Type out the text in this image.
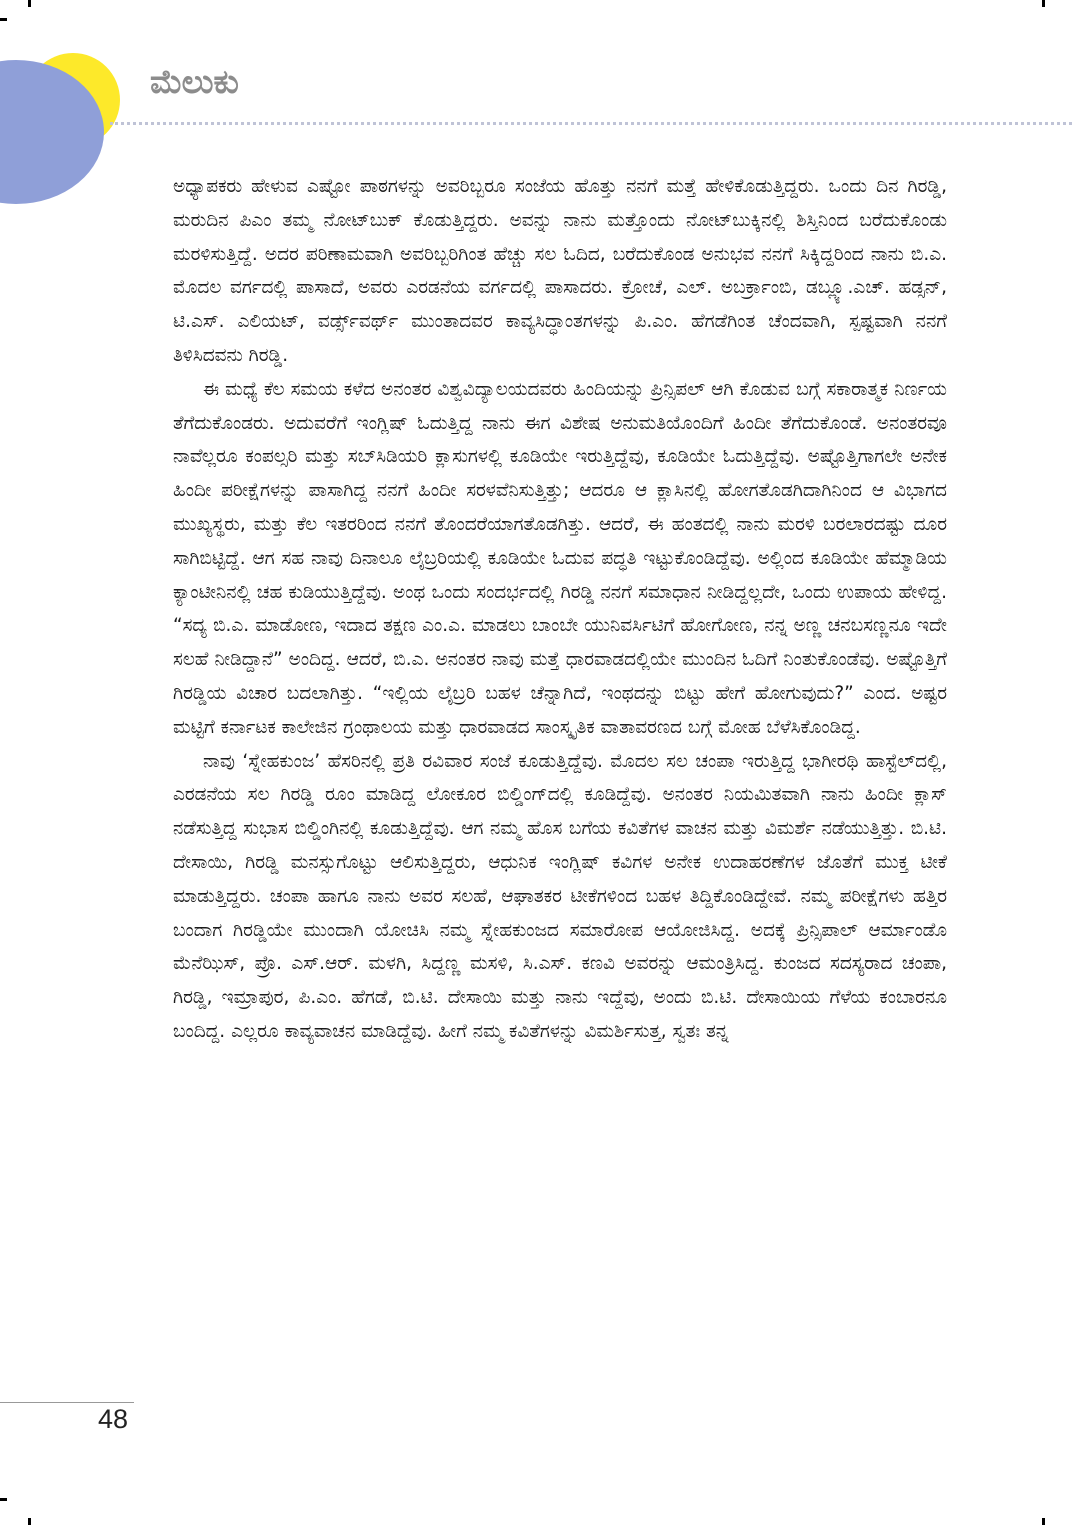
ಮೆಲುಕು

ಅಧ್ಯಾಪಕರು ಹೇಳುವ ಎಷ್ಟೋ ಪಾಠಗಳನ್ನು ಅವರಿಬ್ಬರೂ ಸಂಜೆಯ ಹೊತ್ತು ನನಗೆ ಮತ್ತೆ ಹೇಳಿಕೊಡುತ್ತಿದ್ದರು. ಒಂದು ದಿನ ಗಿರಡ್ಡಿ, ಮರುದಿನ ಪಿಎಂ ತಮ್ಮ ನೋಟ್‌ಬುಕ್ ಕೊಡುತ್ತಿದ್ದರು. ಅವನ್ನು ನಾನು ಮತ್ತೊಂದು ನೋಟ್‌ಬುಕ್ಕಿನಲ್ಲಿ ಶಿಸ್ತಿನಿಂದ ಬರೆದುಕೊಂಡು ಮರಳಿಸುತ್ತಿದ್ದೆ. ಅದರ ಪರಿಣಾಮವಾಗಿ ಅವರಿಬ್ಬರಿಗಿಂತ ಹೆಚ್ಚು ಸಲ ಓದಿದ, ಬರೆದುಕೊಂಡ ಅನುಭವ ನನಗೆ ಸಿಕ್ಕಿದ್ದರಿಂದ ನಾನು ಬಿ.ಎ. ಮೊದಲ ವರ್ಗದಲ್ಲಿ ಪಾಸಾದೆ, ಅವರು ಎರಡನೆಯ ವರ್ಗದಲ್ಲಿ ಪಾಸಾದರು. ಕ್ರೋಚೆ, ಎಲ್. ಅಬರ್ಕ್ರಾಂಬಿ, ಡಬ್ಲ್ಯೂ.ಎಚ್. ಹಡ್ಸನ್, ಟಿ.ಎಸ್. ಎಲಿಯಟ್, ವರ್ಡ್ಸ್‌ವರ್ಥ್ ಮುಂತಾದವರ ಕಾವ್ಯಸಿದ್ಧಾಂತಗಳನ್ನು ಪಿ.ಎಂ. ಹೆಗಡೆಗಿಂತ ಚೆಂದವಾಗಿ, ಸ್ಪಷ್ಟವಾಗಿ ನನಗೆ ತಿಳಿಸಿದವನು ಗಿರಡ್ಡಿ.

ಈ ಮಧ್ಯೆ ಕೆಲ ಸಮಯ ಕಳೆದ ಅನಂತರ ವಿಶ್ವವಿದ್ಯಾಲಯದವರು ಹಿಂದಿಯನ್ನು ಪ್ರಿನ್ಸಿಪಲ್ ಆಗಿ ಕೊಡುವ ಬಗ್ಗೆ ಸಕಾರಾತ್ಮಕ ನಿರ್ಣಯ ತೆಗೆದುಕೊಂಡರು. ಅದುವರೆಗೆ ಇಂಗ್ಲಿಷ್ ಓದುತ್ತಿದ್ದ ನಾನು ಈಗ ವಿಶೇಷ ಅನುಮತಿಯೊಂದಿಗೆ ಹಿಂದೀ ತೆಗೆದುಕೊಂಡೆ. ಅನಂತರವೂ ನಾವೆಲ್ಲರೂ ಕಂಪಲ್ಸರಿ ಮತ್ತು ಸಬ್‌ಸಿಡಿಯರಿ ಕ್ಲಾಸುಗಳಲ್ಲಿ ಕೂಡಿಯೇ ಇರುತ್ತಿದ್ದೆವು, ಕೂಡಿಯೇ ಓದುತ್ತಿದ್ದೆವು. ಅಷ್ಟೊತ್ತಿಗಾಗಲೇ ಅನೇಕ ಹಿಂದೀ ಪರೀಕ್ಷೆಗಳನ್ನು ಪಾಸಾಗಿದ್ದ ನನಗೆ ಹಿಂದೀ ಸರಳವೆನಿಸುತ್ತಿತ್ತು; ಆದರೂ ಆ ಕ್ಲಾಸಿನಲ್ಲಿ ಹೋಗತೊಡಗಿದಾಗಿನಿಂದ ಆ ವಿಭಾಗದ ಮುಖ್ಯಸ್ಥರು, ಮತ್ತು ಕೆಲ ಇತರರಿಂದ ನನಗೆ ತೊಂದರೆಯಾಗತೊಡಗಿತ್ತು. ಆದರೆ, ಈ ಹಂತದಲ್ಲಿ ನಾನು ಮರಳಿ ಬರಲಾರದಷ್ಟು ದೂರ ಸಾಗಿಬಿಟ್ಟಿದ್ದೆ. ಆಗ ಸಹ ನಾವು ದಿನಾಲೂ ಲೈಬ್ರರಿಯಲ್ಲಿ ಕೂಡಿಯೇ ಓದುವ ಪದ್ಧತಿ ಇಟ್ಟುಕೊಂಡಿದ್ದೆವು. ಅಲ್ಲಿಂದ ಕೂಡಿಯೇ ಹೆಮ್ಮಾಡಿಯ ಕ್ಯಾಂಟೀನಿನಲ್ಲಿ ಚಹ ಕುಡಿಯುತ್ತಿದ್ದೆವು. ಅಂಥ ಒಂದು ಸಂದರ್ಭದಲ್ಲಿ ಗಿರಡ್ಡಿ ನನಗೆ ಸಮಾಧಾನ ನೀಡಿದ್ದಲ್ಲದೇ, ಒಂದು ಉಪಾಯ ಹೇಳಿದ್ದ. “ಸದ್ಯ ಬಿ.ಎ. ಮಾಡೋಣ, ಇದಾದ ತಕ್ಷಣ ಎಂ.ಎ. ಮಾಡಲು ಬಾಂಬೇ ಯುನಿವರ್ಸಿಟಿಗೆ ಹೋಗೋಣ, ನನ್ನ ಅಣ್ಣ ಚನಬಸಣ್ಣನೂ ಇದೇ ಸಲಹೆ ನೀಡಿದ್ದಾನೆ” ಅಂದಿದ್ದ. ಆದರೆ, ಬಿ.ಎ. ಅನಂತರ ನಾವು ಮತ್ತೆ ಧಾರವಾಡದಲ್ಲಿಯೇ ಮುಂದಿನ ಓದಿಗೆ ನಿಂತುಕೊಂಡೆವು. ಅಷ್ಟೊತ್ತಿಗೆ ಗಿರಡ್ಡಿಯ ವಿಚಾರ ಬದಲಾಗಿತ್ತು. “ಇಲ್ಲಿಯ ಲೈಬ್ರರಿ ಬಹಳ ಚೆನ್ನಾಗಿದೆ, ಇಂಥದನ್ನು ಬಿಟ್ಟು ಹೇಗೆ ಹೋಗುವುದು?” ಎಂದ. ಅಷ್ಟರ ಮಟ್ಟಿಗೆ ಕರ್ನಾಟಕ ಕಾಲೇಜಿನ ಗ್ರಂಥಾಲಯ ಮತ್ತು ಧಾರವಾಡದ ಸಾಂಸ್ಕೃತಿಕ ವಾತಾವರಣದ ಬಗ್ಗೆ ಮೋಹ ಬೆಳೆಸಿಕೊಂಡಿದ್ದ.

ನಾವು ‘ಸ್ನೇಹಕುಂಜ’ ಹೆಸರಿನಲ್ಲಿ ಪ್ರತಿ ರವಿವಾರ ಸಂಜೆ ಕೂಡುತ್ತಿದ್ದೆವು. ಮೊದಲ ಸಲ ಚಂಪಾ ಇರುತ್ತಿದ್ದ ಭಾಗೀರಥಿ ಹಾಸ್ಟೆಲ್‌ದಲ್ಲಿ, ಎರಡನೆಯ ಸಲ ಗಿರಡ್ಡಿ ರೂಂ ಮಾಡಿದ್ದ ಲೋಕೂರ ಬಿಲ್ಡಿಂಗ್‌ದಲ್ಲಿ ಕೂಡಿದ್ದೆವು. ಅನಂತರ ನಿಯಮಿತವಾಗಿ ನಾನು ಹಿಂದೀ ಕ್ಲಾಸ್ ನಡೆಸುತ್ತಿದ್ದ ಸುಭಾಸ ಬಿಲ್ಡಿಂಗಿನಲ್ಲಿ ಕೂಡುತ್ತಿದ್ದೆವು. ಆಗ ನಮ್ಮ ಹೊಸ ಬಗೆಯ ಕವಿತೆಗಳ ವಾಚನ ಮತ್ತು ವಿಮರ್ಶೆ ನಡೆಯುತ್ತಿತ್ತು. ಬಿ.ಟಿ. ದೇಸಾಯಿ, ಗಿರಡ್ಡಿ ಮನಸ್ಸುಗೊಟ್ಟು ಆಲಿಸುತ್ತಿದ್ದರು, ಆಧುನಿಕ ಇಂಗ್ಲಿಷ್ ಕವಿಗಳ ಅನೇಕ ಉದಾಹರಣೆಗಳ ಜೊತೆಗೆ ಮುಕ್ತ ಟೀಕೆ ಮಾಡುತ್ತಿದ್ದರು. ಚಂಪಾ ಹಾಗೂ ನಾನು ಅವರ ಸಲಹೆ, ಆಘಾತಕರ ಟೀಕೆಗಳಿಂದ ಬಹಳ ತಿದ್ದಿಕೊಂಡಿದ್ದೇವೆ. ನಮ್ಮ ಪರೀಕ್ಷೆಗಳು ಹತ್ತಿರ ಬಂದಾಗ ಗಿರಡ್ಡಿಯೇ ಮುಂದಾಗಿ ಯೋಚಿಸಿ ನಮ್ಮ ಸ್ನೇಹಕುಂಜದ ಸಮಾರೋಪ ಆಯೋಜಿಸಿದ್ದ. ಅದಕ್ಕೆ ಪ್ರಿನ್ಸಿಪಾಲ್ ಆರ್ಮಾಂಡೊ ಮೆನೆಝಿಸ್, ಪ್ರೊ. ಎಸ್.ಆರ್. ಮಳಗಿ, ಸಿದ್ದಣ್ಣ ಮಸಳಿ, ಸಿ.ಎಸ್. ಕಣವಿ ಅವರನ್ನು ಆಮಂತ್ರಿಸಿದ್ದ. ಕುಂಜದ ಸದಸ್ಯರಾದ ಚಂಪಾ, ಗಿರಡ್ಡಿ, ಇಮ್ರಾಪುರ, ಪಿ.ಎಂ. ಹೆಗಡೆ, ಬಿ.ಟಿ. ದೇಸಾಯಿ ಮತ್ತು ನಾನು ಇದ್ದೆವು, ಅಂದು ಬಿ.ಟಿ. ದೇಸಾಯಿಯ ಗೆಳೆಯ ಕಂಬಾರನೂ ಬಂದಿದ್ದ. ಎಲ್ಲರೂ ಕಾವ್ಯವಾಚನ ಮಾಡಿದ್ದೆವು. ಹೀಗೆ ನಮ್ಮ ಕವಿತೆಗಳನ್ನು ವಿಮರ್ಶಿಸುತ್ತ, ಸ್ವತಃ ತನ್ನ

48
